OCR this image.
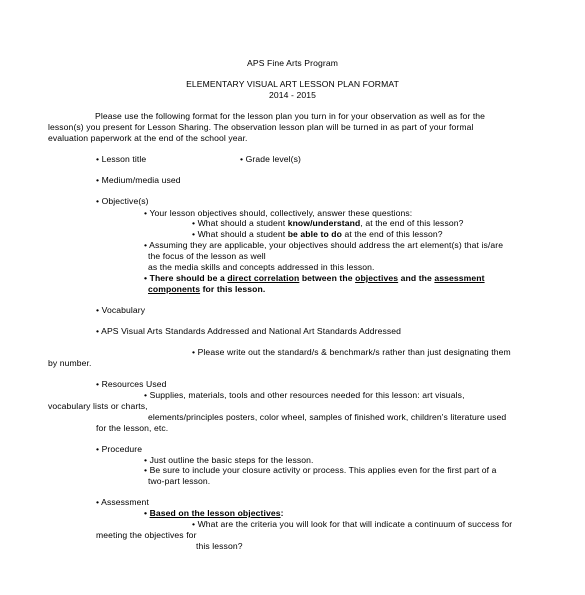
APS Fine Arts Program
ELEMENTARY VISUAL ART LESSON PLAN FORMAT
2014 - 2015
Please use the following format for the lesson plan you turn in for your observation as well as for the
lesson(s) you present for Lesson Sharing. The observation lesson plan will be turned in as part of your formal
evaluation paperwork at the end of the school year.
• Lesson title	• Grade level(s)
• Medium/media used
• Objective(s)
• Your lesson objectives should, collectively, answer these questions:
• What should a student know/understand, at the end of this lesson?
• What should a student be able to do at the end of this lesson?
• Assuming they are applicable, your objectives should address the art element(s) that is/are
the focus of the lesson as well
as the media skills and concepts addressed in this lesson.
• There should be a direct correlation between the objectives and the assessment
components for this lesson.
• Vocabulary
• APS Visual Arts Standards Addressed and National Art Standards Addressed
• Please write out the standard/s & benchmark/s rather than just designating them
by number.
• Resources Used
• Supplies, materials, tools and other resources needed for this lesson: art visuals,
vocabulary lists or charts,
elements/principles posters, color wheel, samples of finished work, children's literature used
for the lesson, etc.
• Procedure
• Just outline the basic steps for the lesson.
• Be sure to include your closure activity or process. This applies even for the first part of a
two-part lesson.
• Assessment
• Based on the lesson objectives:
• What are the criteria you will look for that will indicate a continuum of success for
meeting the objectives for
this lesson?
